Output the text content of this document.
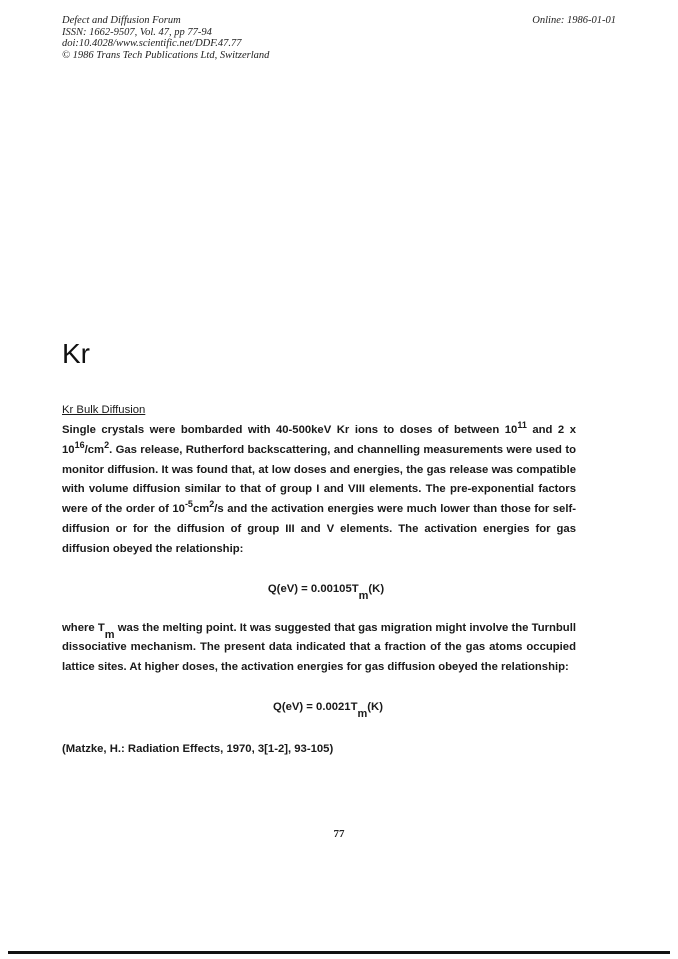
Defect and Diffusion Forum
ISSN: 1662-9507, Vol. 47, pp 77-94
doi:10.4028/www.scientific.net/DDF.47.77
© 1986 Trans Tech Publications Ltd, Switzerland
Online: 1986-01-01
Kr
Kr Bulk Diffusion

Single crystals were bombarded with 40-500keV Kr ions to doses of between $10^{11}$ and 2 x $10^{16}/cm^2$. Gas release, Rutherford backscattering, and channelling measurements were used to monitor diffusion. It was found that, at low doses and energies, the gas release was compatible with volume diffusion similar to that of group I and VIII elements. The pre-exponential factors were of the order of $10^{-5}cm^2/s$ and the activation energies were much lower than those for self-diffusion or for the diffusion of group III and V elements. The activation energies for gas diffusion obeyed the relationship:

$Q(eV) = 0.00105T_m(K)$

where $T_m$ was the melting point. It was suggested that gas migration might involve the Turnbull dissociative mechanism. The present data indicated that a fraction of the gas atoms occupied lattice sites. At higher doses, the activation energies for gas diffusion obeyed the relationship:

$Q(eV) = 0.0021T_m(K)$

(Matzke, H.: Radiation Effects, 1970, 3[1-2], 93-105)

77
